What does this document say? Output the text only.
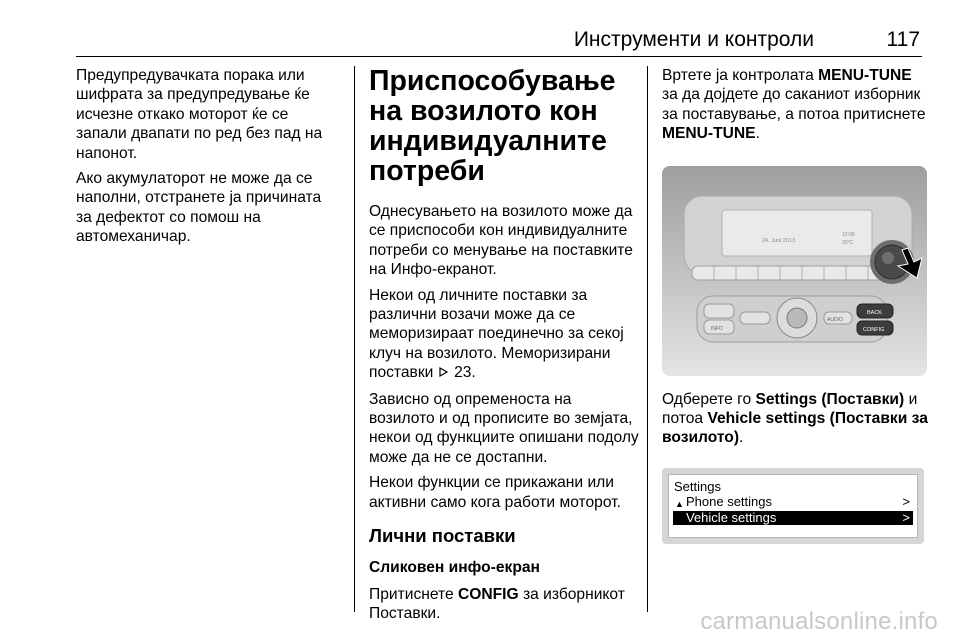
Инструменти и контроли	117

Предупредувачката порака или шифрата за предупредување ќе исчезне откако моторот ќе се запали двапати по ред без пад на напонот.

Ако акумулаторот не може да се наполни, отстранете ја причината за дефектот со помош на автомеханичар.

Приспособување на возилото кон индивидуалните потреби

Однесувањето на возилото може да се приспособи кон индивидуалните потреби со менување на поставките на Инфо-екранот.

Некои од личните поставки за различни возачи може да се меморизираат поединечно за секој клуч на возилото. Меморизирани поставки 23.

Зависно од опременоста на возилото и од прописите во земјата, некои од функциите опишани подолу може да не се достапни.

Некои функции се прикажани или активни само кога работи моторот.

Лични поставки
Сликовен инфо-екран

Притиснете CONFIG за изборникот Поставки.

Вртете ја контролата MENU-TUNE за да дојдете до саканиот изборник за поставување, а потоа притиснете MENU-TUNE.

24. Juni 2013
12:00
20°C
INFO
AUDIO
BACK
CONFIG

Одберете го Settings (Поставки) и потоа Vehicle settings (Поставки за возилото).

Settings
▲ Phone settings	>
Vehicle settings	>
carmanualsonline.info
